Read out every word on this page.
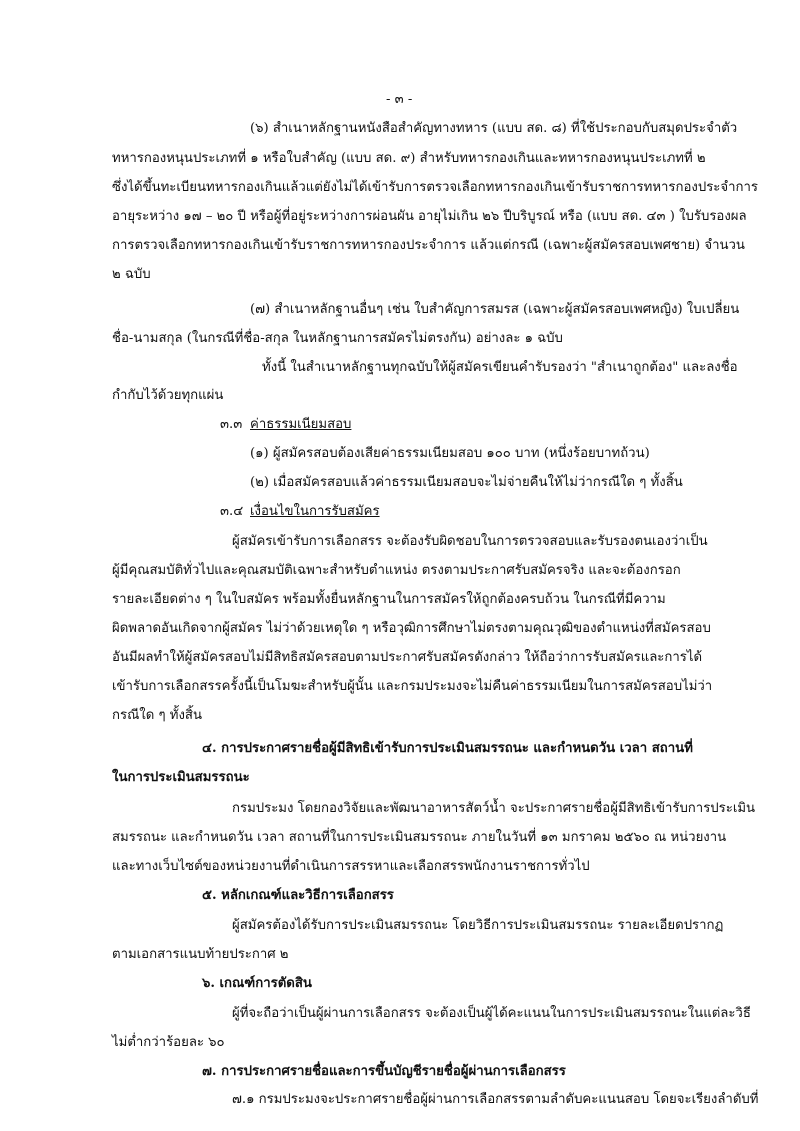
- ๓ -
(๖) สำเนาหลักฐานหนังสือสำคัญทางทหาร (แบบ สด. ๘) ที่ใช้ประกอบกับสมุดประจำตัว
ทหารกองหนุนประเภทที่ ๑ หรือใบสำคัญ (แบบ สด. ๙) สำหรับทหารกองเกินและทหารกองหนุนประเภทที่ ๒
ซึ่งได้ขึ้นทะเบียนทหารกองเกินแล้วแต่ยังไม่ได้เข้ารับการตรวจเลือกทหารกองเกินเข้ารับราชการทหารกองประจำการ
อายุระหว่าง ๑๗ – ๒๐ ปี หรือผู้ที่อยู่ระหว่างการผ่อนผัน อายุไม่เกิน ๒๖ ปีบริบูรณ์ หรือ (แบบ สด. ๔๓ ) ใบรับรองผล
การตรวจเลือกทหารกองเกินเข้ารับราชการทหารกองประจำการ แล้วแต่กรณี (เฉพาะผู้สมัครสอบเพศชาย) จำนวน
๒ ฉบับ
(๗) สำเนาหลักฐานอื่นๆ เช่น ใบสำคัญการสมรส (เฉพาะผู้สมัครสอบเพศหญิง) ใบเปลี่ยน
ชื่อ-นามสกุล (ในกรณีที่ชื่อ-สกุล ในหลักฐานการสมัครไม่ตรงกัน) อย่างละ ๑ ฉบับ
ทั้งนี้ ในสำเนาหลักฐานทุกฉบับให้ผู้สมัครเขียนคำรับรองว่า "สำเนาถูกต้อง" และลงชื่อ
กำกับไว้ด้วยทุกแผ่น
๓.๓ ค่าธรรมเนียมสอบ
(๑) ผู้สมัครสอบต้องเสียค่าธรรมเนียมสอบ ๑๐๐ บาท (หนึ่งร้อยบาทถ้วน)
(๒) เมื่อสมัครสอบแล้วค่าธรรมเนียมสอบจะไม่จ่ายคืนให้ไม่ว่ากรณีใด ๆ ทั้งสิ้น
๓.๔ เงื่อนไขในการรับสมัคร
ผู้สมัครเข้ารับการเลือกสรร จะต้องรับผิดชอบในการตรวจสอบและรับรองตนเองว่าเป็น
ผู้มีคุณสมบัติทั่วไปและคุณสมบัติเฉพาะสำหรับตำแหน่ง ตรงตามประกาศรับสมัครจริง และจะต้องกรอก
รายละเอียดต่าง ๆ ในใบสมัคร พร้อมทั้งยื่นหลักฐานในการสมัครให้ถูกต้องครบถ้วน ในกรณีที่มีความ
ผิดพลาดอันเกิดจากผู้สมัคร ไม่ว่าด้วยเหตุใด ๆ หรือวุฒิการศึกษาไม่ตรงตามคุณวุฒิของตำแหน่งที่สมัครสอบ
อันมีผลทำให้ผู้สมัครสอบไม่มีสิทธิสมัครสอบตามประกาศรับสมัครดังกล่าว ให้ถือว่าการรับสมัครและการได้
เข้ารับการเลือกสรรครั้งนี้เป็นโมฆะสำหรับผู้นั้น และกรมประมงจะไม่คืนค่าธรรมเนียมในการสมัครสอบไม่ว่า
กรณีใด ๆ ทั้งสิ้น
๔. การประกาศรายชื่อผู้มีสิทธิเข้ารับการประเมินสมรรถนะ และกำหนดวัน เวลา สถานที่
ในการประเมินสมรรถนะ
กรมประมง โดยกองวิจัยและพัฒนาอาหารสัตว์น้ำ จะประกาศรายชื่อผู้มีสิทธิเข้ารับการประเมิน
สมรรถนะ และกำหนดวัน เวลา สถานที่ในการประเมินสมรรถนะ ภายในวันที่ ๑๓ มกราคม ๒๕๖๐ ณ หน่วยงาน
และทางเว็บไซต์ของหน่วยงานที่ดำเนินการสรรหาและเลือกสรรพนักงานราชการทั่วไป
๕. หลักเกณฑ์และวิธีการเลือกสรร
ผู้สมัครต้องได้รับการประเมินสมรรถนะ โดยวิธีการประเมินสมรรถนะ รายละเอียดปรากฏ
ตามเอกสารแนบท้ายประกาศ ๒
๖. เกณฑ์การตัดสิน
ผู้ที่จะถือว่าเป็นผู้ผ่านการเลือกสรร จะต้องเป็นผู้ได้คะแนนในการประเมินสมรรถนะในแต่ละวิธี
ไม่ต่ำกว่าร้อยละ ๖๐
๗. การประกาศรายชื่อและการขึ้นบัญชีรายชื่อผู้ผ่านการเลือกสรร
๗.๑ กรมประมงจะประกาศรายชื่อผู้ผ่านการเลือกสรรตามลำดับคะแนนสอบ โดยจะเรียงลำดับที่
